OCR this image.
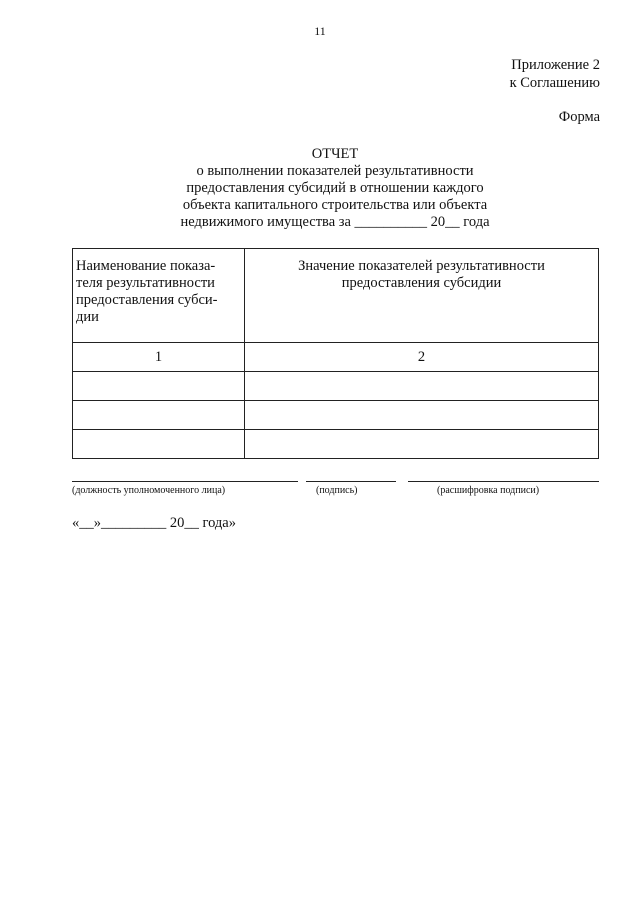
11
Приложение 2
к Соглашению
Форма
ОТЧЕТ
о выполнении показателей результативности
предоставления субсидий в отношении каждого
объекта капитального строительства или объекта
недвижимого имущества за __________ 20__ года
Наименование показа-теля результативности предоставления субси-дии	Значение показателей результативности предоставления субсидии
1	2

(должность уполномоченного лица)	(подпись)	(расшифровка подписи)
«__»_________ 20__ года»
